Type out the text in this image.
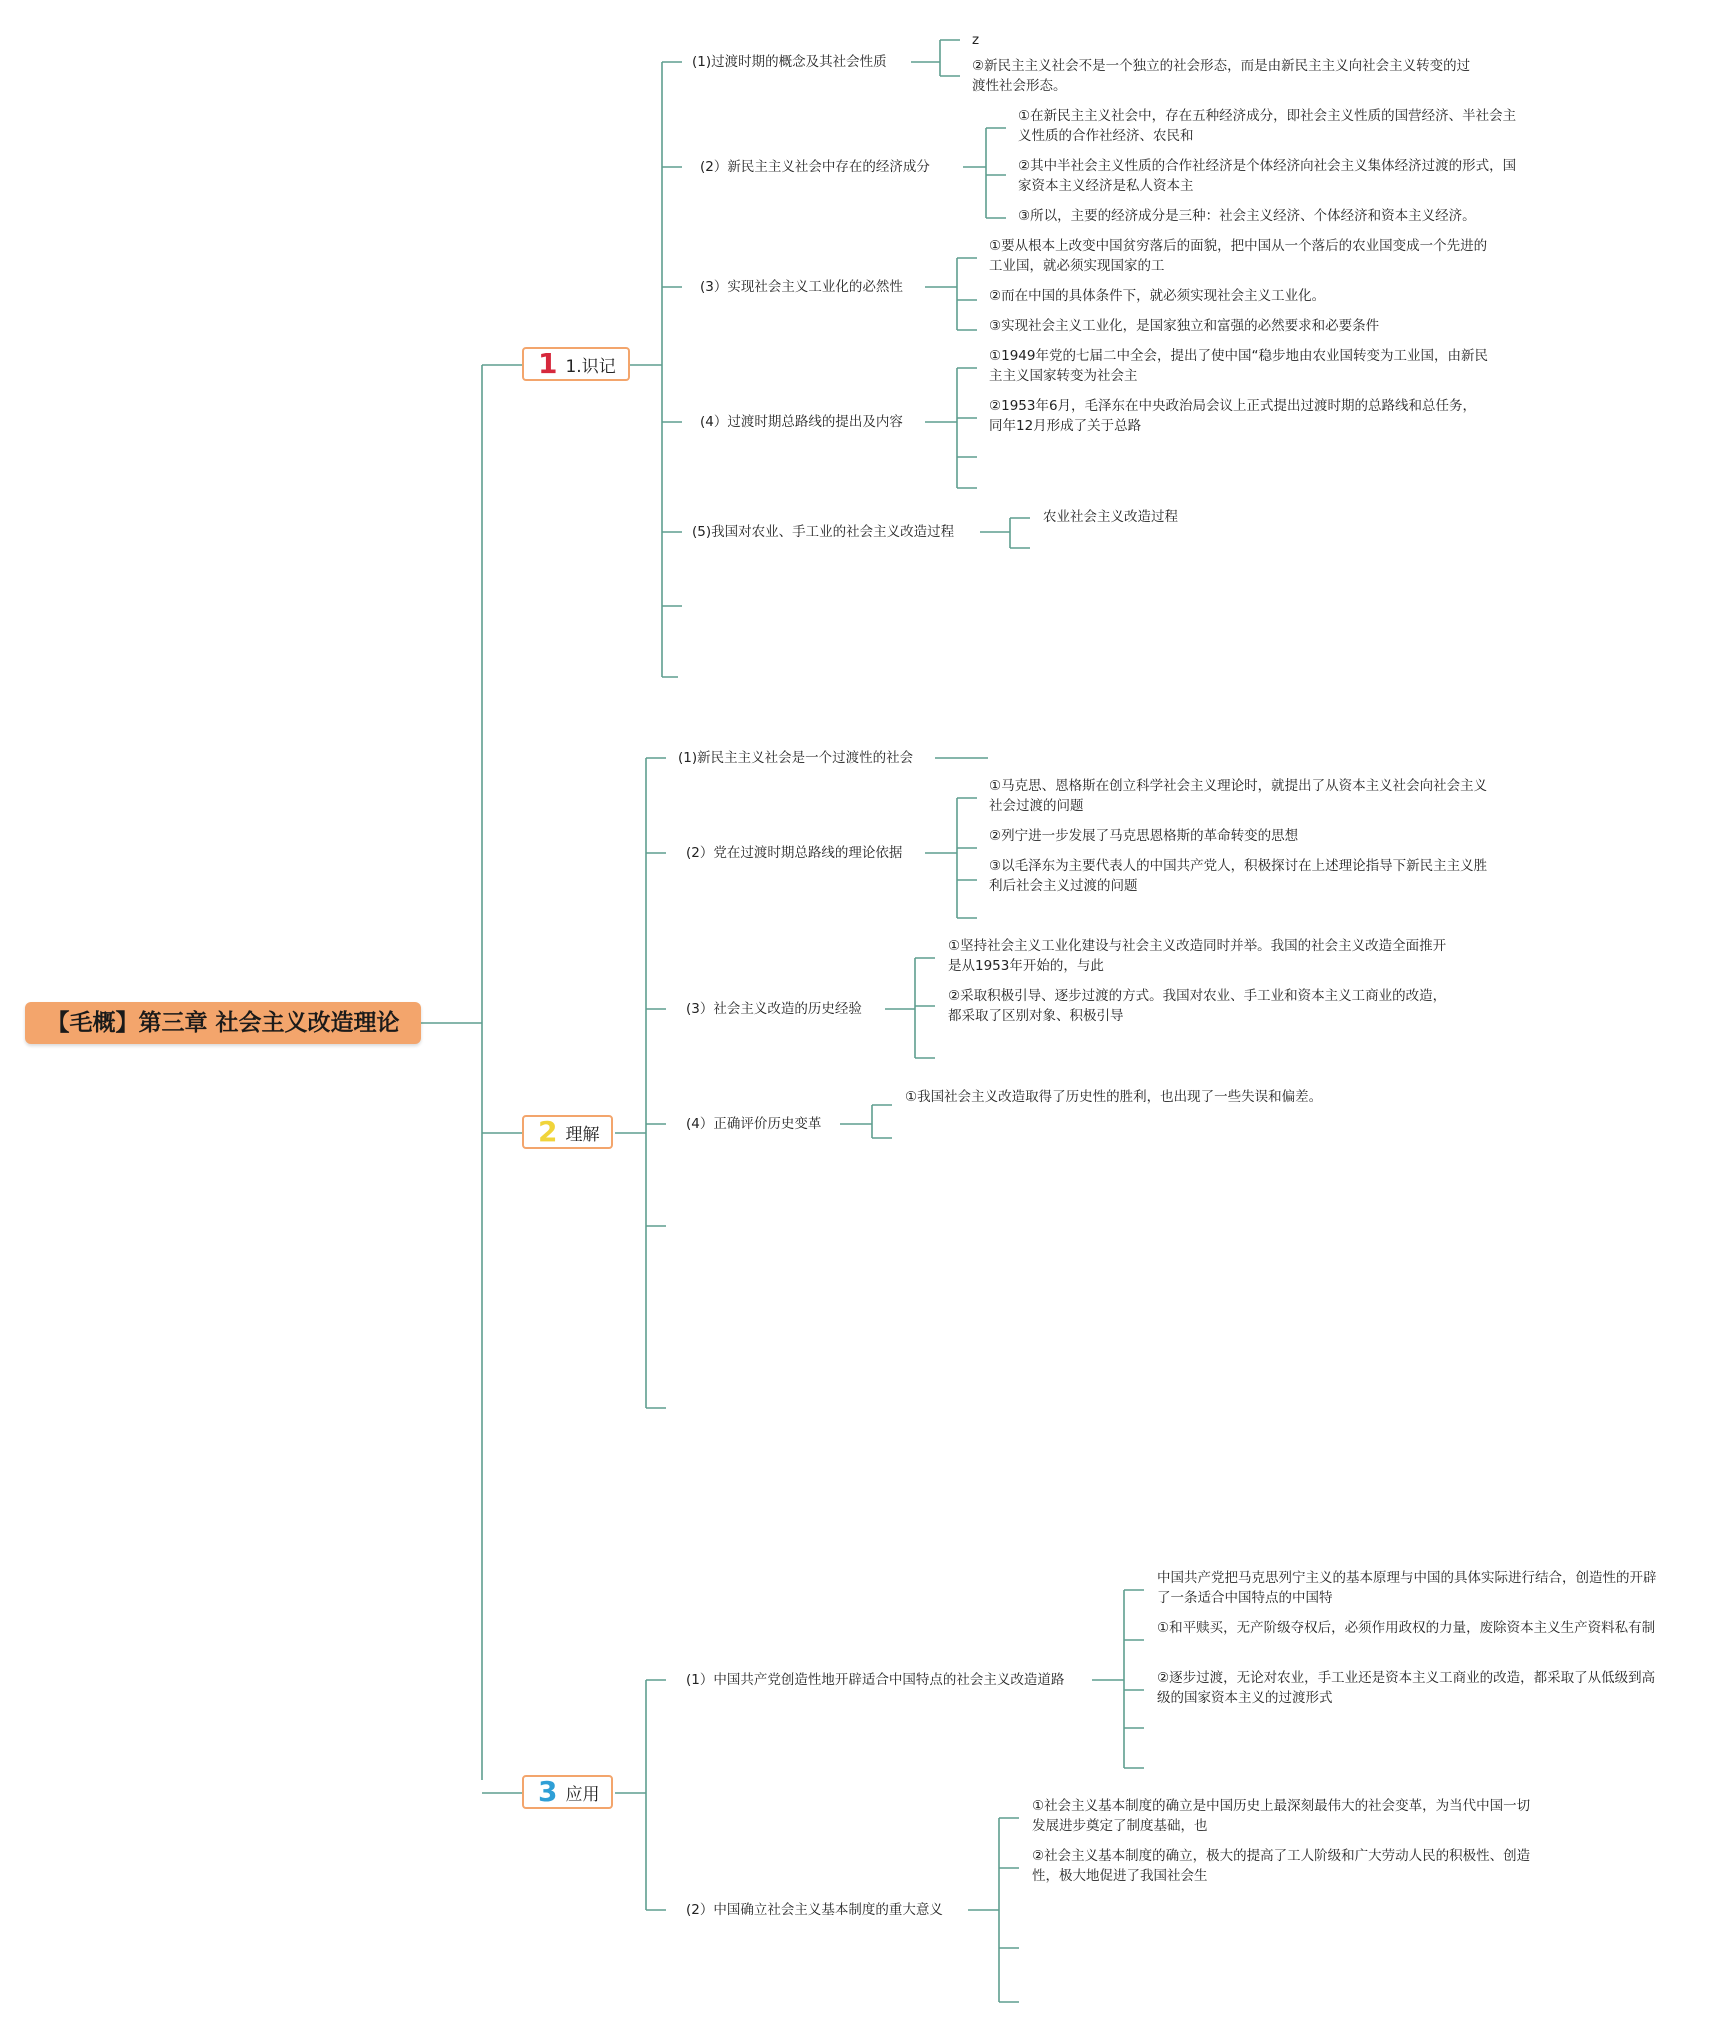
【毛概】第三章 社会主义改造理论
1 1.识记
(1)过渡时期的概念及其社会性质
z
②新民主主义社会不是一个独立的社会形态，而是由新民主主义向社会主义转变的过渡性社会形态。
(2）新民主主义社会中存在的经济成分
①在新民主主义社会中，存在五种经济成分，即社会主义性质的国营经济、半社会主义性质的合作社经济、农民和
②其中半社会主义性质的合作社经济是个体经济向社会主义集体经济过渡的形式，国家资本主义经济是私人资本主
③所以，主要的经济成分是三种：社会主义经济、个体经济和资本主义经济。
(3）实现社会主义工业化的必然性
①要从根本上改变中国贫穷落后的面貌，把中国从一个落后的农业国变成一个先进的工业国，就必须实现国家的工
②而在中国的具体条件下，就必须实现社会主义工业化。
③实现社会主义工业化，是国家独立和富强的必然要求和必要条件
(4）过渡时期总路线的提出及内容
①1949年党的七届二中全会，提出了使中国“稳步地由农业国转变为工业国，由新民主主义国家转变为社会主
②1953年6月，毛泽东在中央政治局会议上正式提出过渡时期的总路线和总任务，同年12月形成了关于总路
(5)我国对农业、手工业的社会主义改造过程
农业社会主义改造过程
2 理解
(1)新民主主义社会是一个过渡性的社会
(2）党在过渡时期总路线的理论依据
①马克思、恩格斯在创立科学社会主义理论时，就提出了从资本主义社会向社会主义社会过渡的问题
②列宁进一步发展了马克思恩格斯的革命转变的思想
③以毛泽东为主要代表人的中国共产党人，积极探讨在上述理论指导下新民主主义胜利后社会主义过渡的问题
(3）社会主义改造的历史经验
①坚持社会主义工业化建设与社会主义改造同时并举。我国的社会主义改造全面推开是从1953年开始的，与此
②采取积极引导、逐步过渡的方式。我国对农业、手工业和资本主义工商业的改造，都采取了区别对象、积极引导
(4）正确评价历史变革
①我国社会主义改造取得了历史性的胜利，也出现了一些失误和偏差。
3 应用
(1）中国共产党创造性地开辟适合中国特点的社会主义改造道路
中国共产党把马克思列宁主义的基本原理与中国的具体实际进行结合，创造性的开辟了一条适合中国特点的中国特
①和平赎买，无产阶级夺权后，必须作用政权的力量，废除资本主义生产资料私有制
②逐步过渡，无论对农业，手工业还是资本主义工商业的改造，都采取了从低级到高级的国家资本主义的过渡形式
(2）中国确立社会主义基本制度的重大意义
①社会主义基本制度的确立是中国历史上最深刻最伟大的社会变革，为当代中国一切发展进步奠定了制度基础，也
②社会主义基本制度的确立，极大的提高了工人阶级和广大劳动人民的积极性、创造性，极大地促进了我国社会生
